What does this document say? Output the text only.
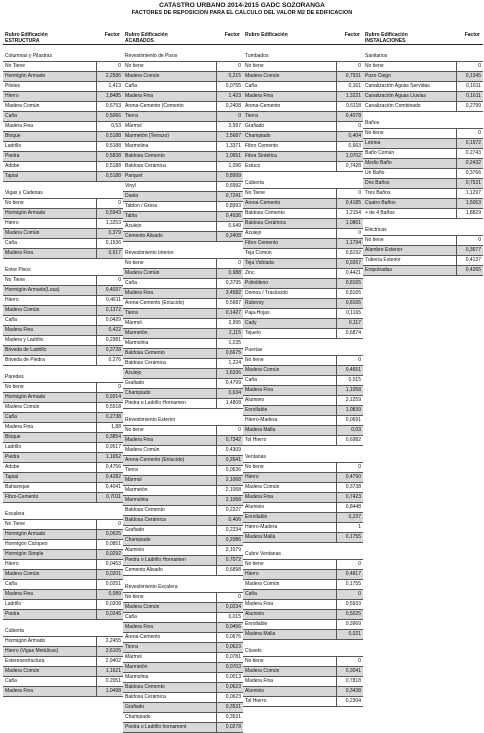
CATASTRO URBANO 2014-2015 GADC SOZORANGA
FACTORES DE REPOSICION PARA EL CALCULO DEL VALOR M2 DE EDIFICACION
Rubro Edificación
ESTRUCTURA
Factor
Columnas y Pilastras
No Tiene	0
Hormigón Armado	2,2586
Pilotes	1,413
Hierro	1,8485
Madera Común	0,6753
Caña	0,5066
Madera Fina	0,53
Bloque	0,5188
Ladrillo	0,5188
Piedra	0,5838
Adobe	0,5188
Tapial	0,5188
Vigas y Cadenas
No tiene	0
Hormigón Armado	0,5943
Hierro	1,3253
Madera Común	0,379
Caña	0,1536
Madera Fina	0,617
Entre Pisos
No Tiene	0
Hormigón Armado(Losa)	0,4037
Hierro	0,4611
Madera Común	0,1372
Caña	0,0429
Madera Fina	0,422
Madera y Ladrillo	0,2981
Bóveda de Ladrillo	0,3728
Bóveda de Piedra	0,276
Paredes
No tiene	0
Hormigón Armado	0,9314
Madera Común	0,5518
Caña	0,2738
Madera Fina	1,88
Bloque	0,3854
Ladrillo	0,9517
Piedra	1,1652
Adobe	0,4756
Tapial	0,4282
Bahareque	0,4041
Fibro-Cemento	0,7011
Escalera
No Tiene	0
Hormigón Armado	0,0625
Hormigón Ciclopeo	0,0851
Hormigón Simple	0,0292
Hierro	0,0453
Madera Común	0,0201
Caña	0,0251
Madera Fina	0,089
Ladrillo	0,0208
Piedra	0,0245
Cubierta
Hormigón Armado	2,2455
Hierro (Vigas Metálicas)	2,6105
Estereoestructura	2,9402
Madera Común	1,1621
Caña	0,2051
Madera Fina	1,0498
Rubro Edificación
ACABADOS
Factor
Revestimiento de Pisos
No tiene	0
Madera Común	0,215
Caña	0,0755
Madera Fina	1,423
Arena-Cemento (Cemento	0,2408
Tierra	0
Mármol	3,997
Marmetón (Terrazo)	1,5687
Marmolina	1,3371
Baldosa Cemento	1,0651
Baldosa Cerámica	1,096
Parquet	0,8999
Vinyl	0,6992
Duela	0,7241
Tablon / Gress	0,8993
Tabla	0,4936
Azulejo	0,649
Cemento Alisado	0,2408
Revestimiento Interior
No tiene	0
Madera Común	0,988
Caña	0,3795
Madera Fina	3,4582
Arena-Cemento (Enlucido)	0,5687
Tierra	0,1427
Mármol	2,995
Marmetón	2,115
Marmolina	1,235
Baldosa Cemento	0,6675
Baldosa Cerámica	1,224
Azulejo	1,6336
Grafiado	0,4799
Champiado	0,634
Piedra o Ladrillo Hornamen	1,4808
Revestimiento Exterior
No tiene	0
Madera Fina	0,7342
Madera Común	0,4309
Arena-Cemento (Enlucido)	0,2641
Tierra	0,0636
Mármol	2,1068
Marmetón	2,1068
Marmolina	2,1068
Baldosa Cemento	0,2227
Baldosa Cerámica	0,406
Grafiado	0,2234
Champiado	0,2086
Aluminio	2,1079
Piedra o Ladrillo Hornamen	0,7072
Cemento Alisado	0,6898
Revestimiento Escalera
No tiene	0
Madera Común	0,0234
Caña	0,015
Madera Fina	0,0456
Arena-Cemento	0,0676
Tierra	0,0623
Mármol	0,0781
Marmetón	0,0703
Marmolina	0,0013
Baldosa Cemento	0,0623
Baldosa Cerámica	0,0623
Grafiado	0,3531
Champiado	0,3531
Piedra o Ladrillo hornament	0,0278
Rubro Edificación	Factor
Tumbados
No tiene	0
Madera Común	0,7931
Caña	0,161
Madera Fina	1,3221
Arena-Cemento	0,6118
Tierra	0,4078
Grafiado	0
Champiado	0,404
Fibro Cemento	0,663
Fibra Sintética	1,0702
Estuco	0,7428
Cubierta
No Tiene	0
Arena-Cemento	0,4185
Baldosa Cemento	1,2154
Baldosa Cerámica	1,0861
Azulejo	0
Fibro Cemento	1,1794
Teja Común	0,8192
Teja Vidriada	0,9267
Zinc	0,4421
Polietileno	0,8165
Domos / Traslúcido	0,8165
Ruberoy	0,8165
Paja-Hojas	0,1165
Cady	0,117
Tejuelo	0,6874
Puertas
No tiene	0
Madera Común	0,4651
Caña	0,015
Madera Fina	1,1058
Aluminio	2,1259
Enrollable	1,0839
Hierro-Madera	0,0691
Madera Malla	0,03
Tol Hierro	0,6982
Ventanas
No tiene	0
Hierro	0,4790
Madera Común	0,3738
Madera Fina	0,7423
Aluminio	0,8448
Enrollable	0,237
Hierro-Madera	1
Madera Malla	0,1755
Cubre Ventanas
No tiene	0
Hierro	0,4817
Madera Común	0,1755
Caña	0
Madera Fina	0,5933
Aluminio	0,5025
Enrollable	0,3969
Madera Malla	0,021
Closets
No tiene	0
Madera Común	0,3041
Madera Fina	0,7818
Aluminio	0,3438
Tol Hierro	0,2304
Rubro Edificación
INSTALACIONES
Factor
Sanitarios
No tiene	0
Pozo Ciego	0,1345
Canalización Aguas Servidas	0,1611
Canalización Aguas Lluvias	0,1611
Canalización Combinado	0,2799
Baños
No tiene	0
Letrina	0,1972
Baño Común	0,2743
Medio Baño	0,2432
Un Baño	0,3766
Dos Baños	0,7531
Tres Baños	1,1297
Cuatro Baños	1,5063
+ de 4 Baños	1,8829
Eléctricas
No tiene	0
Alambre Exterior	0,3677
Tubería Exterior	0,4137
Empotradas	0,4265
